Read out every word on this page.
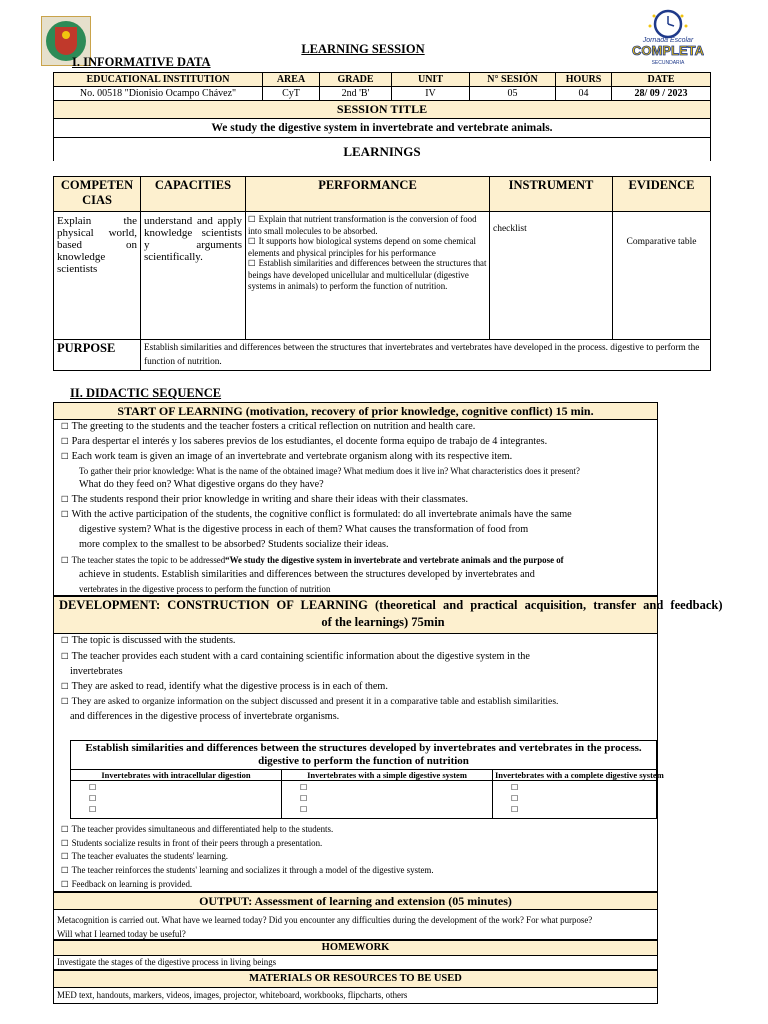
Jornada Escolar
COMPLETA
SECUNDARIA
LEARNING SESSION
I. INFORMATIVE DATA
EDUCATIONAL INSTITUTION	AREA	GRADE	UNIT	N° SESIÓN	HOURS	DATE
No. 00518 "Dionisio Ocampo Chávez"	CyT	2nd 'B'	IV	05	04	28/ 09 / 2023
SESSION TITLE						
We study the digestive system in invertebrate and vertebrate animals.						
LEARNINGS						
COMPETENCIAS	CAPACITIES	PERFORMANCE	INSTRUMENT	EVIDENCE
Explain the physical world, based on knowledge scientists	understand and apply knowledge scientists y arguments scientifically.	☐ Explain that nutrient transformation is the conversion of food into small molecules to be absorbed.
☐ It supports how biological systems depend on some chemical elements and physical principles for his performance
☐ Establish similarities and differences between the structures that beings have developed unicellular and multicellular (digestive systems in animals) to perform the function of nutrition.	checklist	Comparative table
PURPOSE	Establish similarities and differences between the structures that invertebrates and vertebrates have developed in the process. digestive to perform the function of nutrition.			
II. DIDACTIC SEQUENCE
START OF LEARNING (motivation, recovery of prior knowledge, cognitive conflict) 15 min.
☐ The greeting to the students and the teacher fosters a critical reflection on nutrition and health care.
☐ Para despertar el interés y los saberes previos de los estudiantes, el docente forma equipo de trabajo de 4 integrantes.
☐ Each work team is given an image of an invertebrate and vertebrate organism along with its respective item.
To gather their prior knowledge: What is the name of the obtained image? What medium does it live in? What characteristics does it present?
What do they feed on? What digestive organs do they have?
☐ The students respond their prior knowledge in writing and share their ideas with their classmates.
☐ With the active participation of the students, the cognitive conflict is formulated: do all invertebrate animals have the same
digestive system? What is the digestive process in each of them? What causes the transformation of food from
more complex to the smallest to be absorbed? Students socialize their ideas.
☐ The teacher states the topic to be addressed“We study the digestive system in invertebrate and vertebrate animals and the purpose of
achieve in students. Establish similarities and differences between the structures developed by invertebrates and
vertebrates in the digestive process to perform the function of nutrition
DEVELOPMENT: CONSTRUCTION OF LEARNING (theoretical and practical acquisition, transfer and feedback)
of the learnings) 75min
☐ The topic is discussed with the students.
☐ The teacher provides each student with a card containing scientific information about the digestive system in the
invertebrates
☐ They are asked to read, identify what the digestive process is in each of them.
☐ They are asked to organize information on the subject discussed and present it in a comparative table and establish similarities.
and differences in the digestive process of invertebrate organisms.
Establish similarities and differences between the structures developed by invertebrates and vertebrates in the process.
digestive to perform the function of nutrition		

Invertebrates with intracellular digestion	Invertebrates with a simple digestive system	Invertebrates with a complete digestive system
☐	☐	☐
☐	☐	☐
☐	☐	☐
☐ The teacher provides simultaneous and differentiated help to the students.
☐ Students socialize results in front of their peers through a presentation.
☐ The teacher evaluates the students' learning.
☐ The teacher reinforces the students' learning and socializes it through a model of the digestive system.
☐ Feedback on learning is provided.
OUTPUT: Assessment of learning and extension (05 minutes)
Metacognition is carried out. What have we learned today? Did you encounter any difficulties during the development of the work? For what purpose?
Will what I learned today be useful?
HOMEWORK
Investigate the stages of the digestive process in living beings
MATERIALS OR RESOURCES TO BE USED
MED text, handouts, markers, videos, images, projector, whiteboard, workbooks, flipcharts, others
